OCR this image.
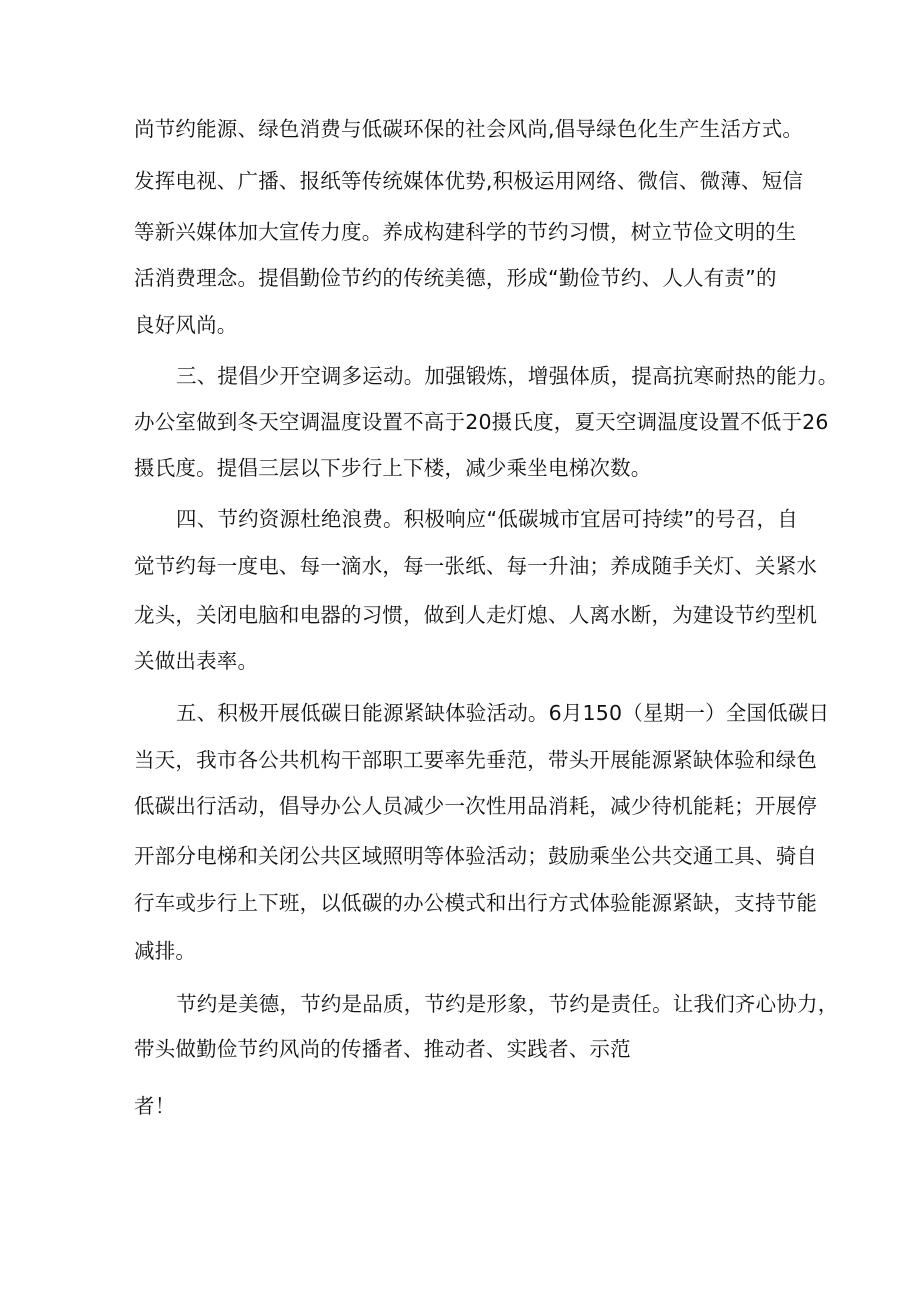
尚节约能源、绿色消费与低碳环保的社会风尚,倡导绿色化生产生活方式。
发挥电视、广播、报纸等传统媒体优势,积极运用网络、微信、微薄、短信
等新兴媒体加大宣传力度。养成构建科学的节约习惯，树立节俭文明的生
活消费理念。提倡勤俭节约的传统美德，形成“勤俭节约、人人有责”的
良好风尚。
三、提倡少开空调多运动。加强锻炼，增强体质，提高抗寒耐热的能力。
办公室做到冬天空调温度设置不高于20摄氏度，夏天空调温度设置不低于26
摄氏度。提倡三层以下步行上下楼，减少乘坐电梯次数。
四、节约资源杜绝浪费。积极响应“低碳城市宜居可持续”的号召，自
觉节约每一度电、每一滴水，每一张纸、每一升油；养成随手关灯、关紧水
龙头，关闭电脑和电器的习惯，做到人走灯熄、人离水断，为建设节约型机
关做出表率。
五、积极开展低碳日能源紧缺体验活动。6月150（星期一）全国低碳日
当天，我市各公共机构干部职工要率先垂范，带头开展能源紧缺体验和绿色
低碳出行活动，倡导办公人员减少一次性用品消耗，减少待机能耗；开展停
开部分电梯和关闭公共区域照明等体验活动；鼓励乘坐公共交通工具、骑自
行车或步行上下班，以低碳的办公模式和出行方式体验能源紧缺，支持节能
减排。
节约是美德，节约是品质，节约是形象，节约是责任。让我们齐心协力，
带头做勤俭节约风尚的传播者、推动者、实践者、示范
者！
